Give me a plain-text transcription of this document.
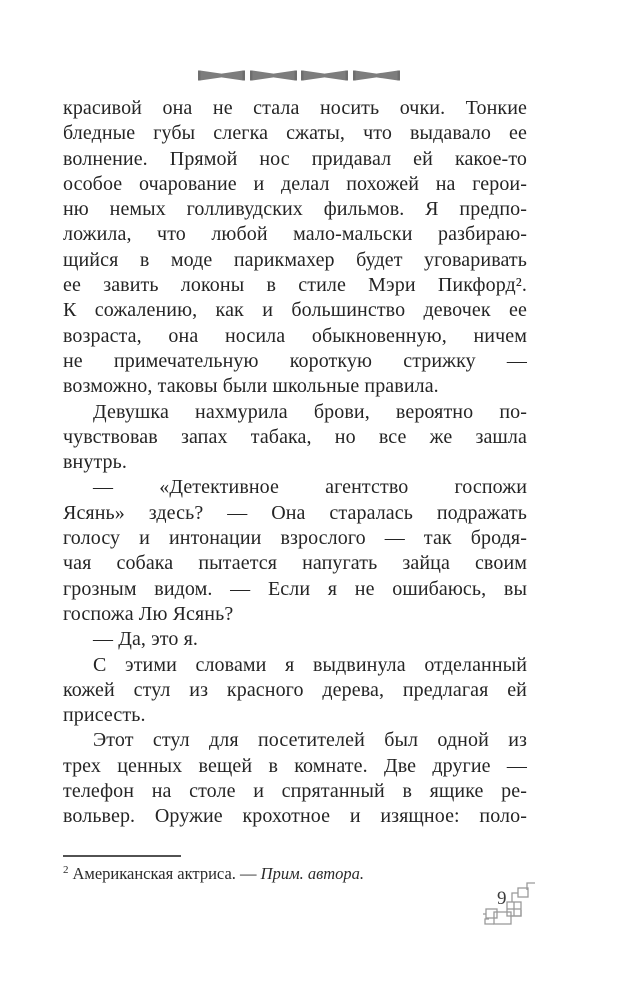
красивой она не стала носить очки. Тонкие
бледные губы слегка сжаты, что выдавало ее
волнение. Прямой нос придавал ей какое-то
особое очарование и делал похожей на герои-
ню немых голливудских фильмов. Я предпо-
ложила, что любой мало-мальски разбираю-
щийся в моде парикмахер будет уговаривать
ее завить локоны в стиле Мэри Пикфорд².
К сожалению, как и большинство девочек ее
возраста, она носила обыкновенную, ничем
не примечательную короткую стрижку —
возможно, таковы были школьные правила.
Девушка нахмурила брови, вероятно по-
чувствовав запах табака, но все же зашла
внутрь.
— «Детективное агентство госпожи
Ясянь» здесь? — Она старалась подражать
голосу и интонации взрослого — так бродя-
чая собака пытается напугать зайца своим
грозным видом. — Если я не ошибаюсь, вы
госпожа Лю Ясянь?
— Да, это я.
С этими словами я выдвинула отделанный
кожей стул из красного дерева, предлагая ей
присесть.
Этот стул для посетителей был одной из
трех ценных вещей в комнате. Две другие —
телефон на столе и спрятанный в ящике ре-
вольвер. Оружие крохотное и изящное: поло-
$^2$ Американская актриса. — Прим. автора.
9
